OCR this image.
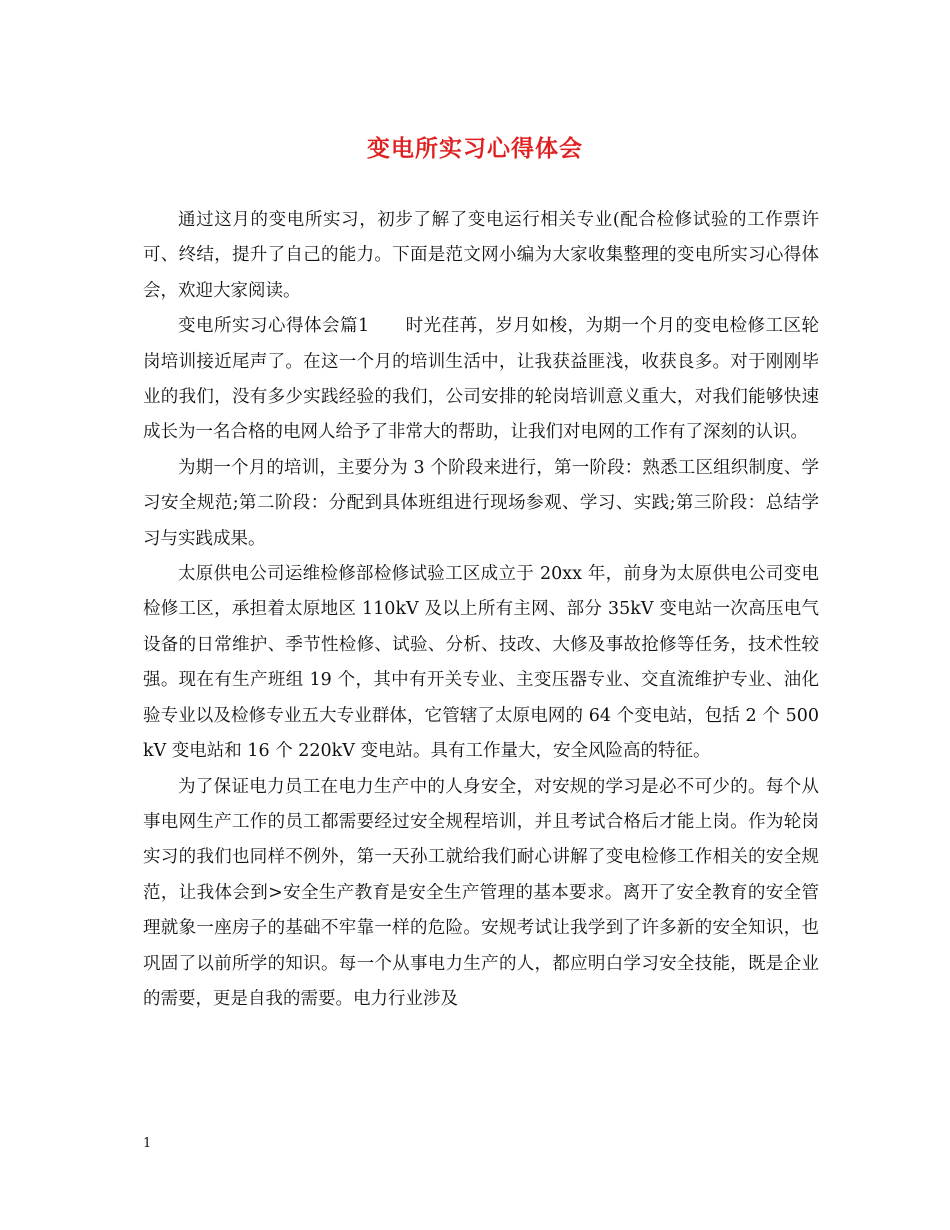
变电所实习心得体会

通过这月的变电所实习，初步了解了变电运行相关专业(配合检修试验的工作票许可、终结，提升了自己的能力。下面是范文网小编为大家收集整理的变电所实习心得体会，欢迎大家阅读。

变电所实习心得体会篇1　　时光荏苒，岁月如梭，为期一个月的变电检修工区轮岗培训接近尾声了。在这一个月的培训生活中，让我获益匪浅，收获良多。对于刚刚毕业的我们，没有多少实践经验的我们，公司安排的轮岗培训意义重大，对我们能够快速成长为一名合格的电网人给予了非常大的帮助，让我们对电网的工作有了深刻的认识。

为期一个月的培训，主要分为 3 个阶段来进行，第一阶段：熟悉工区组织制度、学习安全规范;第二阶段：分配到具体班组进行现场参观、学习、实践;第三阶段：总结学习与实践成果。

太原供电公司运维检修部检修试验工区成立于 20xx 年，前身为太原供电公司变电检修工区，承担着太原地区 110kV 及以上所有主网、部分 35kV 变电站一次高压电气设备的日常维护、季节性检修、试验、分析、技改、大修及事故抢修等任务，技术性较强。现在有生产班组 19 个，其中有开关专业、主变压器专业、交直流维护专业、油化验专业以及检修专业五大专业群体，它管辖了太原电网的 64 个变电站，包括 2 个 500kV 变电站和 16 个 220kV 变电站。具有工作量大，安全风险高的特征。

为了保证电力员工在电力生产中的人身安全，对安规的学习是必不可少的。每个从事电网生产工作的员工都需要经过安全规程培训，并且考试合格后才能上岗。作为轮岗实习的我们也同样不例外，第一天孙工就给我们耐心讲解了变电检修工作相关的安全规范，让我体会到>安全生产教育是安全生产管理的基本要求。离开了安全教育的安全管理就象一座房子的基础不牢靠一样的危险。安规考试让我学到了许多新的安全知识，也巩固了以前所学的知识。每一个从事电力生产的人，都应明白学习安全技能，既是企业的需要，更是自我的需要。电力行业涉及

1
